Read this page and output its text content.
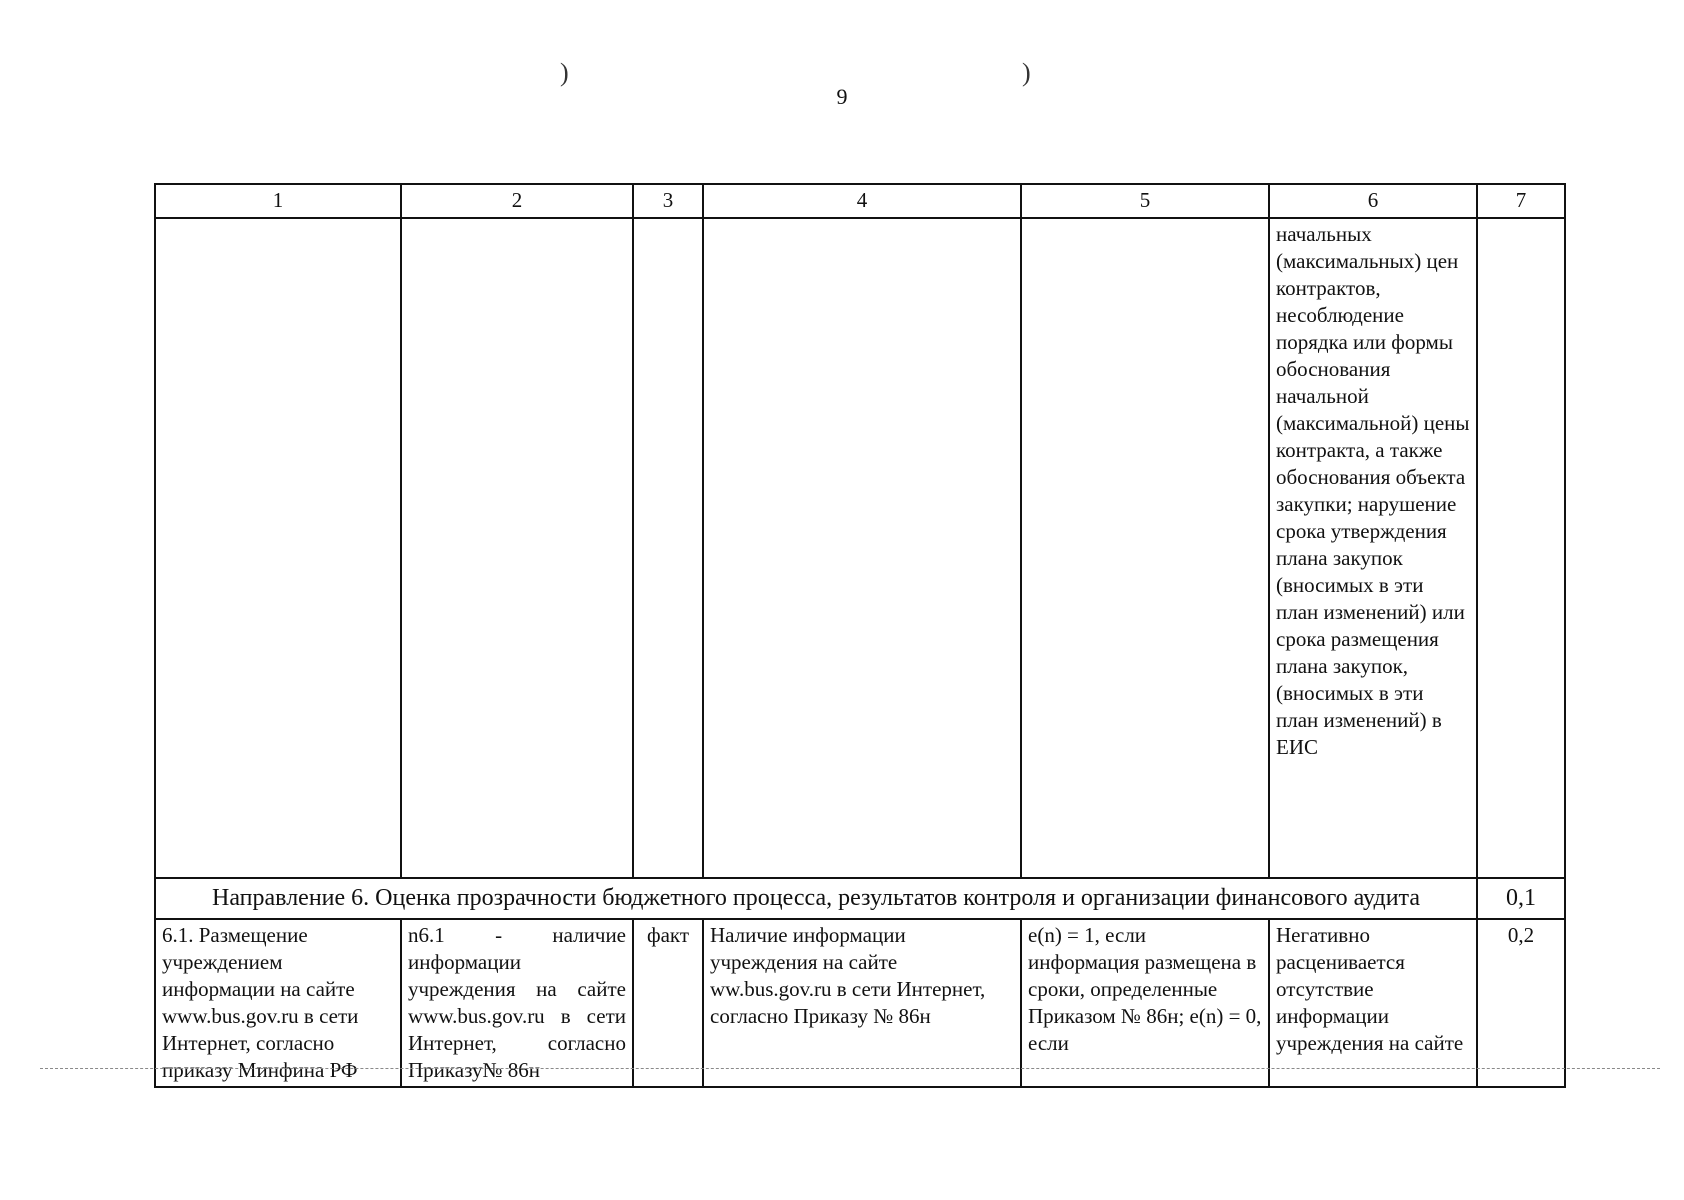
)	)
9
1	2	3	4	5	6	7
					начальных (максимальных) цен контрактов, несоблюдение порядка или формы обоснования начальной (максимальной) цены контракта, а также обоснования объекта закупки; нарушение срока утверждения плана закупок (вносимых в эти план изменений) или срока размещения плана закупок, (вносимых в эти план изменений) в ЕИС	
Направление 6. Оценка прозрачности бюджетного процесса, результатов контроля и организации финансового аудита						0,1
6.1. Размещение учреждением информации на сайте www.bus.gov.ru в сети Интернет, согласно приказу Минфина РФ	n6.1 - наличие информации учреждения на сайте www.bus.gov.ru в сети Интернет, согласно Приказу№ 86н	факт	Наличие информации учреждения на сайте ww.bus.gov.ru в сети Интернет, согласно Приказу № 86н	e(n) = 1, если информация размещена в сроки, определенные Приказом № 86н; e(n) = 0, если	Негативно расценивается отсутствие информации учреждения на сайте	0,2
